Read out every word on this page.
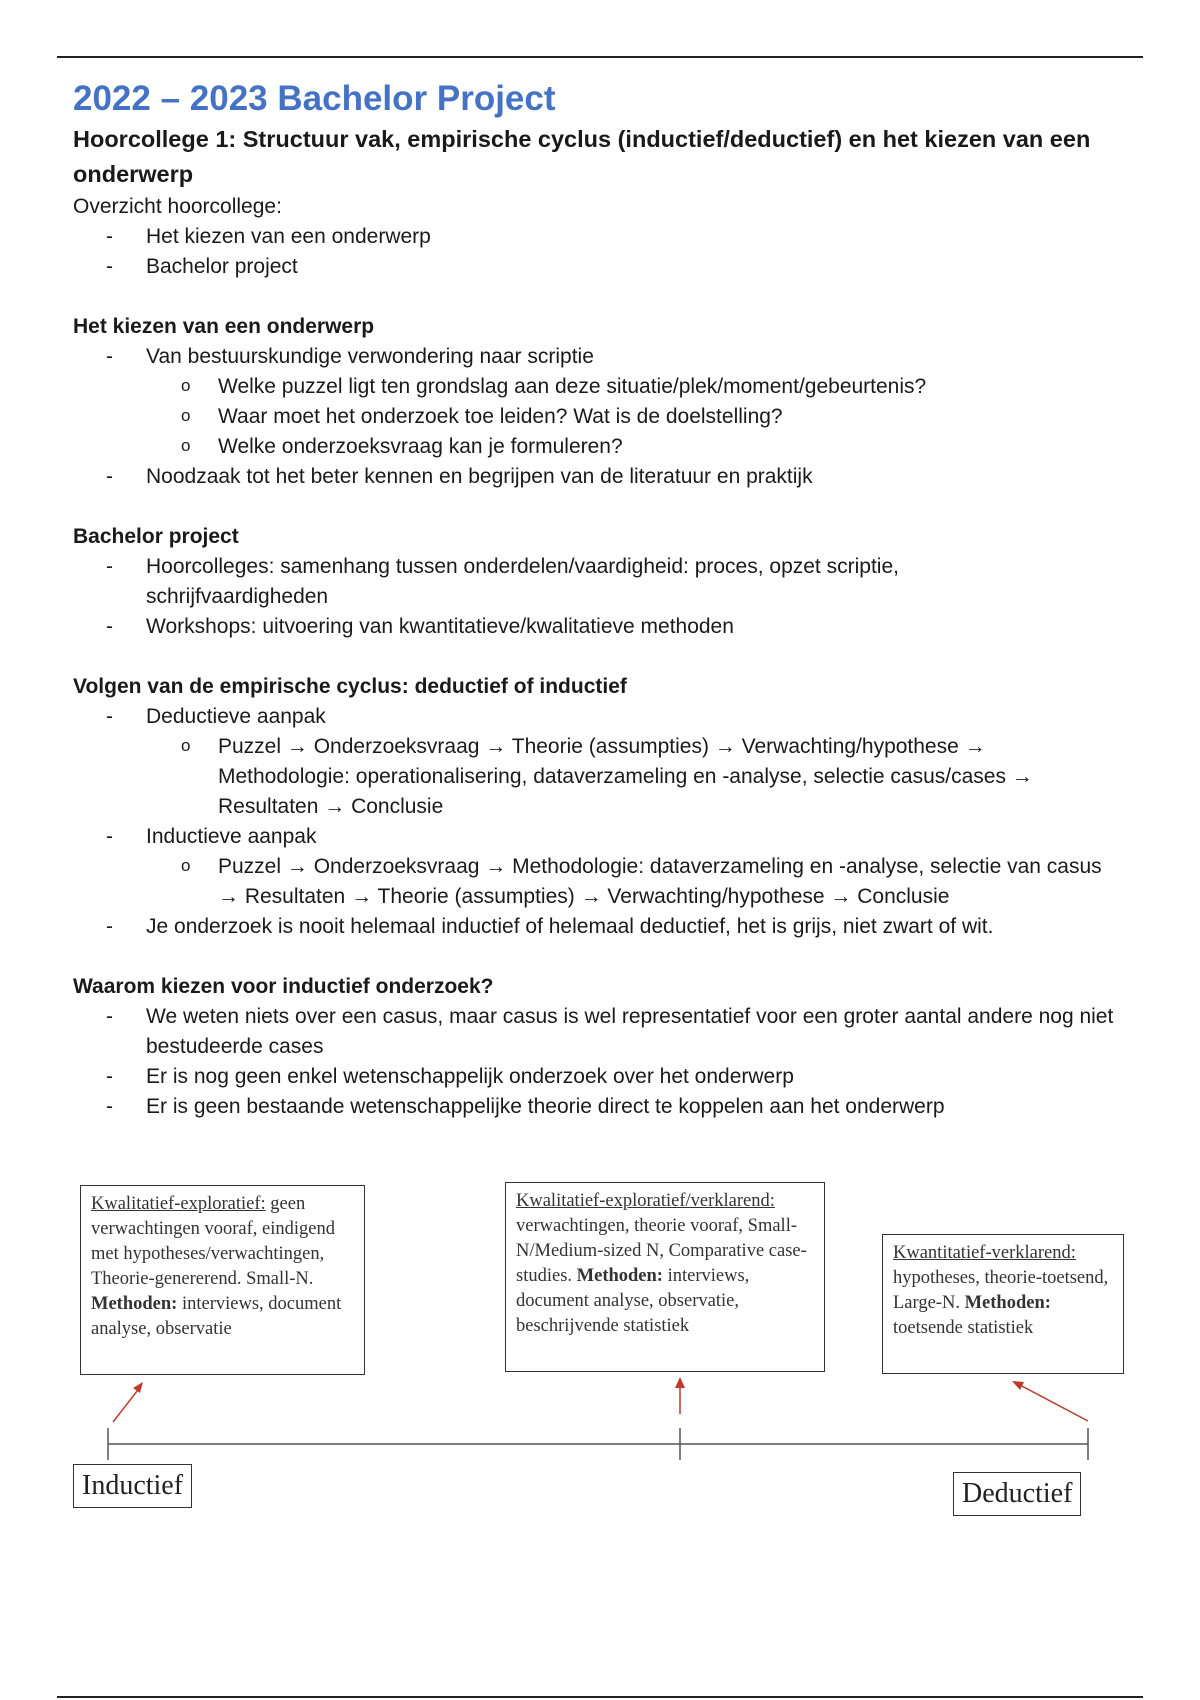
2022 – 2023 Bachelor Project
Hoorcollege 1: Structuur vak, empirische cyclus (inductief/deductief) en het kiezen van een onderwerp

Overzicht hoorcollege:

- Het kiezen van een onderwerp
- Bachelor project
Het kiezen van een onderwerp
- Van bestuurskundige verwondering naar scriptie
o Welke puzzel ligt ten grondslag aan deze situatie/plek/moment/gebeurtenis?
o Waar moet het onderzoek toe leiden? Wat is de doelstelling?
o Welke onderzoeksvraag kan je formuleren?
- Noodzaak tot het beter kennen en begrijpen van de literatuur en praktijk
Bachelor project
- Hoorcolleges: samenhang tussen onderdelen/vaardigheid: proces, opzet scriptie, schrijfvaardigheden
- Workshops: uitvoering van kwantitatieve/kwalitatieve methoden
Volgen van de empirische cyclus: deductief of inductief
- Deductieve aanpak
o Puzzel → Onderzoeksvraag → Theorie (assumpties) → Verwachting/hypothese → Methodologie: operationalisering, dataverzameling en -analyse, selectie casus/cases → Resultaten → Conclusie
- Inductieve aanpak
o Puzzel → Onderzoeksvraag → Methodologie: dataverzameling en -analyse, selectie van casus → Resultaten → Theorie (assumpties) → Verwachting/hypothese → Conclusie
- Je onderzoek is nooit helemaal inductief of helemaal deductief, het is grijs, niet zwart of wit.
Waarom kiezen voor inductief onderzoek?
- We weten niets over een casus, maar casus is wel representatief voor een groter aantal andere nog niet bestudeerde cases
- Er is nog geen enkel wetenschappelijk onderzoek over het onderwerp
- Er is geen bestaande wetenschappelijke theorie direct te koppelen aan het onderwerp
Kwalitatief-exploratief: geen verwachtingen vooraf, eindigend met hypotheses/verwachtingen, Theorie-genererend. Small-N. Methoden: interviews, document analyse, observatie
Kwalitatief-exploratief/verklarend: verwachtingen, theorie vooraf, Small-N/Medium-sized N, Comparative case-studies. Methoden: interviews, document analyse, observatie, beschrijvende statistiek
Kwantitatief-verklarend: hypotheses, theorie-toetsend, Large-N. Methoden: toetsende statistiek
Inductief	Deductief
